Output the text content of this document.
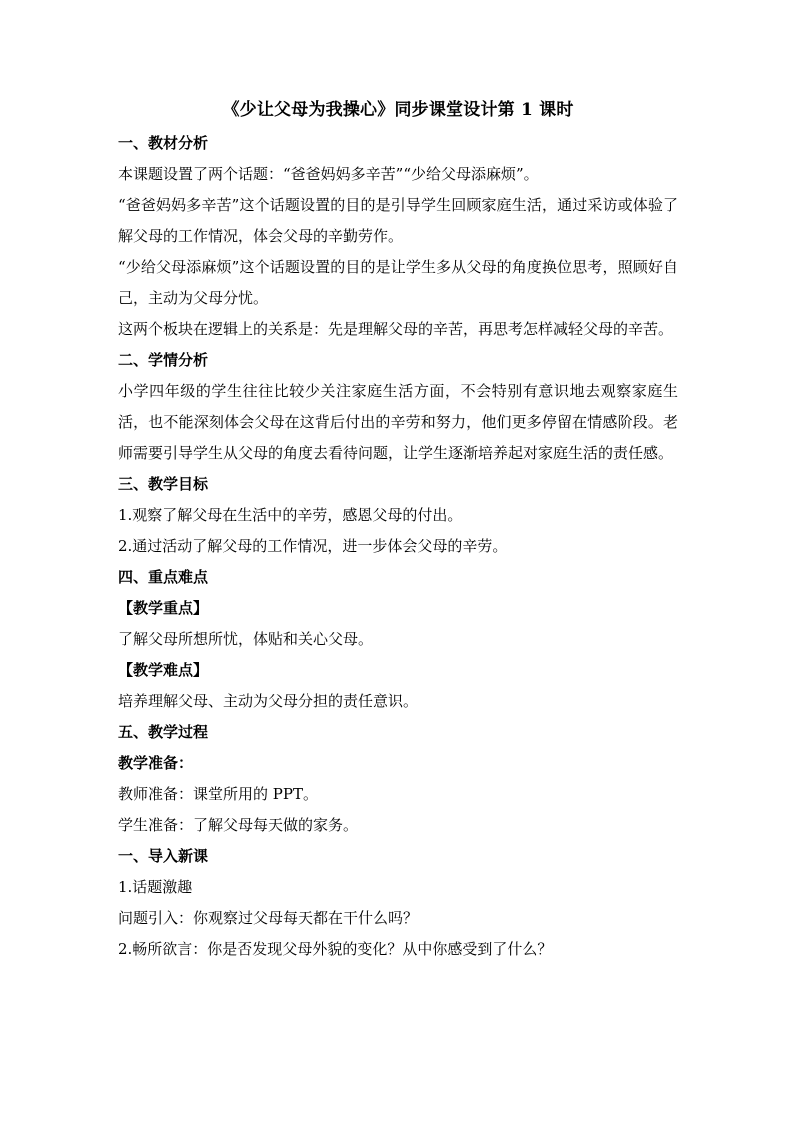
《少让父母为我操心》同步课堂设计第 1 课时

一、教材分析

本课题设置了两个话题：“爸爸妈妈多辛苦”“少给父母添麻烦”。

“爸爸妈妈多辛苦”这个话题设置的目的是引导学生回顾家庭生活，通过采访或体验了解父母的工作情况，体会父母的辛勤劳作。

“少给父母添麻烦”这个话题设置的目的是让学生多从父母的角度换位思考，照顾好自己，主动为父母分忧。

这两个板块在逻辑上的关系是：先是理解父母的辛苦，再思考怎样减轻父母的辛苦。

二、学情分析

小学四年级的学生往往比较少关注家庭生活方面，不会特别有意识地去观察家庭生活，也不能深刻体会父母在这背后付出的辛劳和努力，他们更多停留在情感阶段。老师需要引导学生从父母的角度去看待问题，让学生逐渐培养起对家庭生活的责任感。

三、教学目标

1.观察了解父母在生活中的辛劳，感恩父母的付出。

2.通过活动了解父母的工作情况，进一步体会父母的辛劳。

四、重点难点

【教学重点】

了解父母所想所忧，体贴和关心父母。

【教学难点】

培养理解父母、主动为父母分担的责任意识。

五、教学过程

教学准备：

教师准备：课堂所用的 PPT。

学生准备：了解父母每天做的家务。

一、导入新课

1.话题激趣

问题引入：你观察过父母每天都在干什么吗？

2.畅所欲言：你是否发现父母外貌的变化？从中你感受到了什么？
